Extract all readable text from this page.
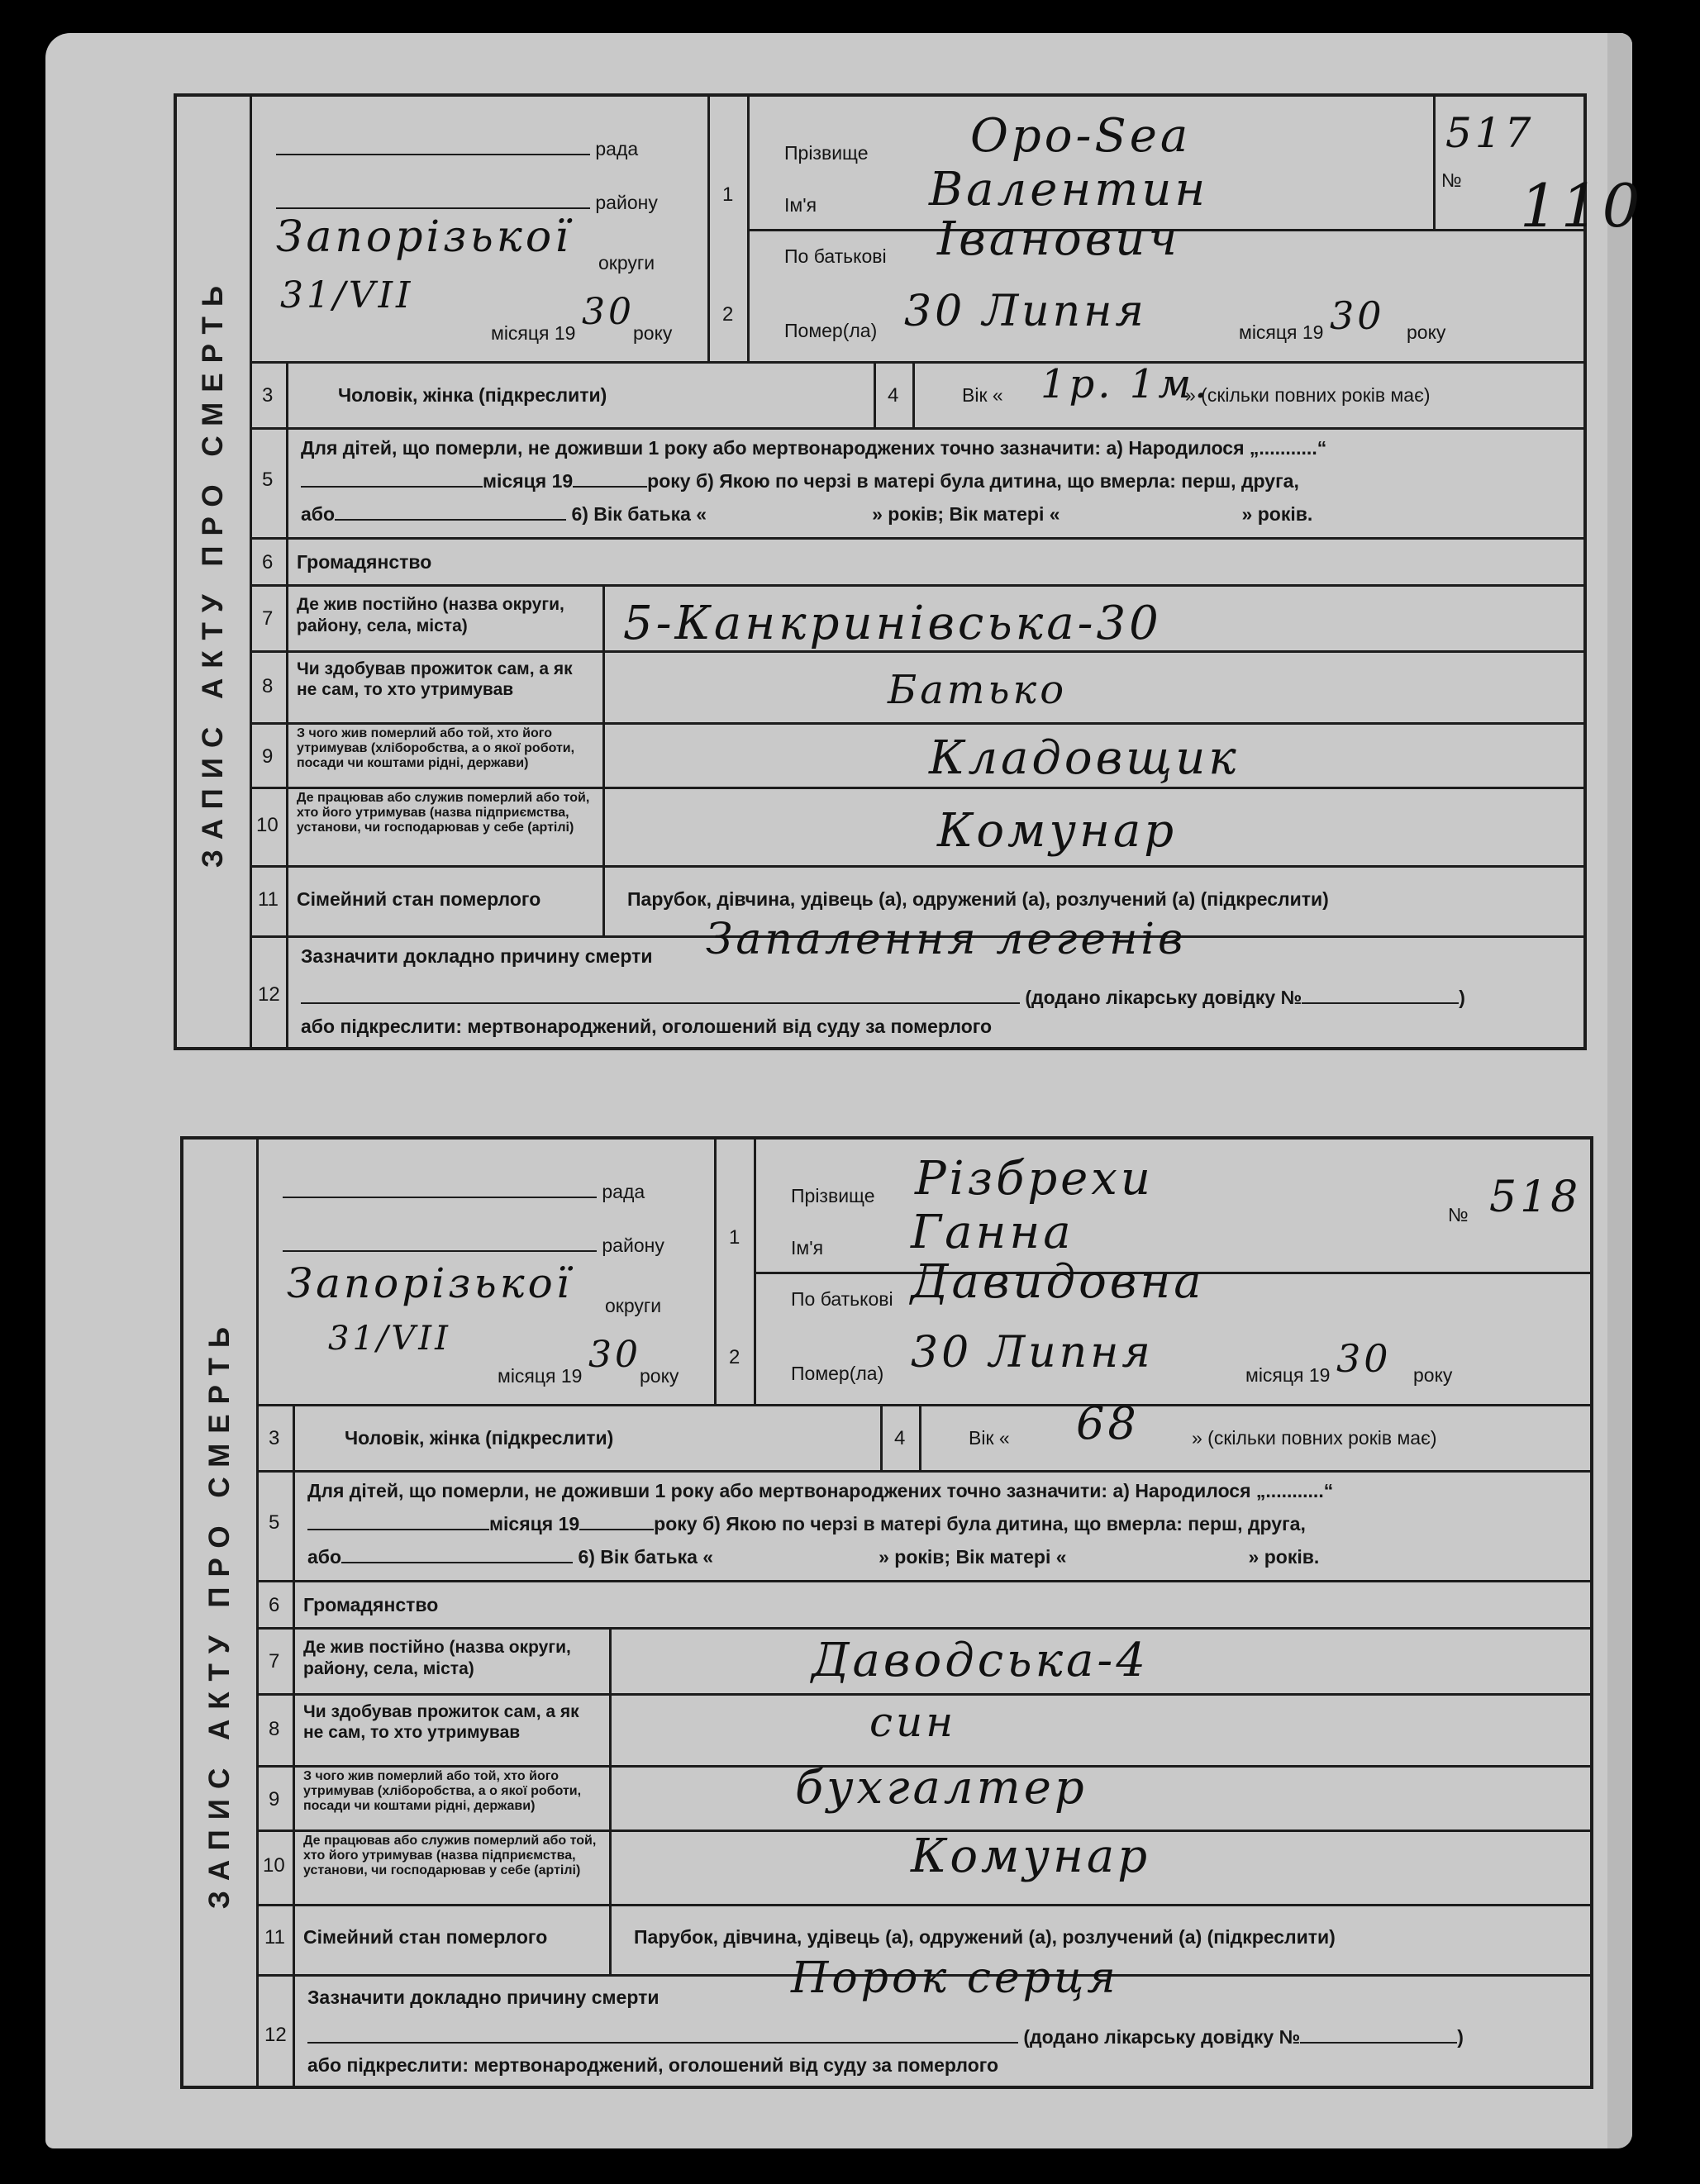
ЗАПИС АКТУ ПРО СМЕРТЬ
рада
району
Запорізької
округи
31/VII
місяця 19 30
року
1
2
Прізвище Оро-Sea
Ім'я Валентин
По батькові Іванович
Помер(ла) 30 Липня	місяця 19 30 року
517
№ 110
3	Чоловік, жінка (підкреслити)	4	Вік « 1р. 1м.
» (скільки повних років має)
5
Для дітей, що померли, не доживши 1 року або мертвонароджених точно зазначити: а) Народилося „...........“
місяця 19	року б) Якою по черзі в матері була дитина, що вмерла: перш, друга,
або	6) Вік батька «	» років; Вік матері «	» років.
6 Громадянство
7
Де жив постійно (назва округи, району, села, міста)	5-Канкринівська-30
8
Чи здобував прожиток сам, а як не сам, то хто утримував	Батько
9
З чого жив померлий або той, хто його утримував (хліборобства, а о якої роботи, посади чи коштами рідні, держави)	Кладовщик
10
Де працював або служив померлий або той, хто його утримував (назва підприємства, установи, чи господарював у себе (артілі)	Комунар
11 Сімейний стан померлого	Парубок, дівчина, удівець (а), одружений (а), розлучений (а) (підкреслити)
12
Зазначити докладно причину смерти Запалення легенів
(додано лікарську довідку №	)
або підкреслити: мертвонароджений, оголошений від суду за померлого
ЗАПИС АКТУ ПРО СМЕРТЬ
рада
району
Запорізької округи
31/VII
місяця 19 30
року
1
2
Прізвище Різбрехи
Ім'я Ганна
По батькові Давидовна
Помер(ла) 30 Липня	місяця 19 30 року
№ 518
3	Чоловік, жінка (підкреслити)	4	Вік « 68	» (скільки повних років має)
5
Для дітей, що померли, не доживши 1 року або мертвонароджених точно зазначити: а) Народилося „...........“
місяця 19	року б) Якою по черзі в матері була дитина, що вмерла: перш, друга,
або	6) Вік батька «	» років; Вік матері «	» років.
6 Громадянство
7
Де жив постійно (назва округи, району, села, міста)	Даводська-4
8
Чи здобував прожиток сам, а як не сам, то хто утримував	син
9
З чого жив померлий або той, хто його утримував (хліборобства, а о якої роботи, посади чи коштами рідні, держави)	бухгалтер
10
Де працював або служив померлий або той, хто його утримував (назва підприємства, установи, чи господарював у себе (артілі)	Комунар
11 Сімейний стан померлого	Парубок, дівчина, удівець (а), одружений (а), розлучений (а) (підкреслити)
12
Зазначити докладно причину смерти	Порок серця
(додано лікарську довідку №	)
або підкреслити: мертвонароджений, оголошений від суду за померлого
